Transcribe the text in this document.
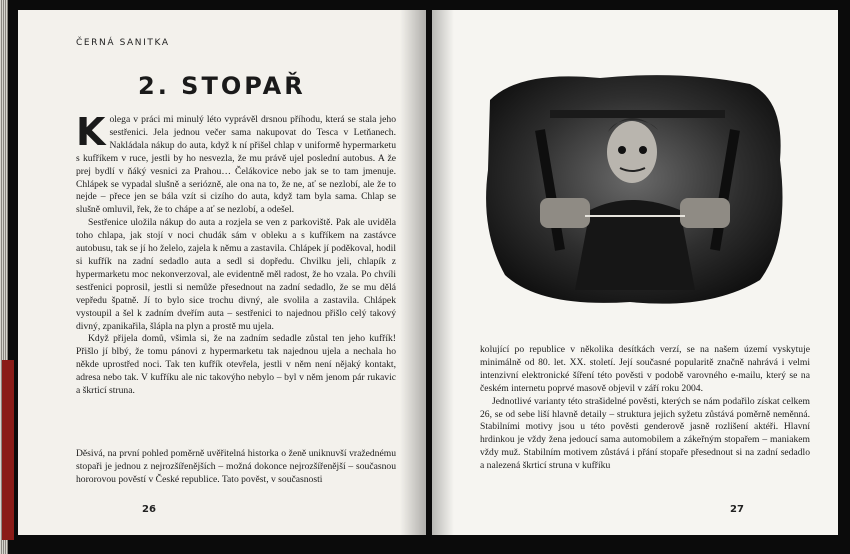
ČERNÁ SANITKA
2. STOPAŘ

Kolega v práci mi minulý léto vyprávěl drsnou příhodu, která se stala jeho sestřenici. Jela jednou večer sama nakupovat do Tesca v Letňanech. Nakládala nákup do auta, když k ní přišel chlap v uniformě hypermarketu s kufříkem v ruce, jestli by ho nesvezla, že mu právě ujel poslední autobus. A že prej bydlí v ňáký vesnici za Prahou… Čelákovice nebo jak se to tam jmenuje. Chlápek se vypadal slušně a seriózně, ale ona na to, že ne, ať se nezlobí, ale že to nejde – přece jen se bála vzít si cizího do auta, když tam byla sama. Chlap se slušně omluvil, řek, že to chápe a ať se nezlobí, a odešel.

Sestřenice uložila nákup do auta a rozjela se ven z parkoviště. Pak ale uviděla toho chlapa, jak stojí v noci chudák sám v obleku a s kufříkem na zastávce autobusu, tak se jí ho želelo, zajela k němu a zastavila. Chlápek jí poděkoval, hodil si kufřík na zadní sedadlo auta a sedl si dopředu. Chvilku jeli, chlapík z hypermarketu moc nekonverzoval, ale evidentně měl radost, že ho vzala. Po chvíli sestřenici poprosil, jestli si nemůže přesednout na zadní sedadlo, že se mu dělá vepředu špatně. Jí to bylo sice trochu divný, ale svolila a zastavila. Chlápek vystoupil a šel k zadním dveřím auta – sestřenici to najednou přišlo celý takový divný, zpanikařila, šlápla na plyn a prostě mu ujela.

Když přijela domů, všimla si, že na zadním sedadle zůstal ten jeho kufřík! Přišlo jí blbý, že tomu pánovi z hypermarketu tak najednou ujela a nechala ho někde uprostřed noci. Tak ten kufřík otevřela, jestli v něm není nějaký kontakt, adresa nebo tak. V kufříku ale nic takovýho nebylo – byl v něm jenom pár rukavic a škrticí struna.

Děsivá, na první pohled poměrně uvěřitelná historka o ženě uniknuvší vražednému stopaři je jednou z nejrozšířenějších – možná dokonce nejrozšířenější – současnou hororovou pověstí v České republice. Tato pověst, v současnosti

26

kolující po republice v několika desítkách verzí, se na našem území vyskytuje minimálně od 80. let. XX. století. Její současné popularitě značně nahrává i velmi intenzivní elektronické šíření této pověsti v podobě varovného e-mailu, který se na českém internetu poprvé masově objevil v září roku 2004.

Jednotlivé varianty této strašidelné pověsti, kterých se nám podařilo získat celkem 26, se od sebe liší hlavně detaily – struktura jejich syžetu zůstává poměrně neměnná. Stabilními motivy jsou u této pověsti genderově jasně rozlišení aktéři. Hlavní hrdinkou je vždy žena jedoucí sama automobilem a zákeřným stopařem – maniakem vždy muž. Stabilním motivem zůstává i přání stopaře přesednout si na zadní sedadlo a nalezená škrticí struna v kufříku

27
